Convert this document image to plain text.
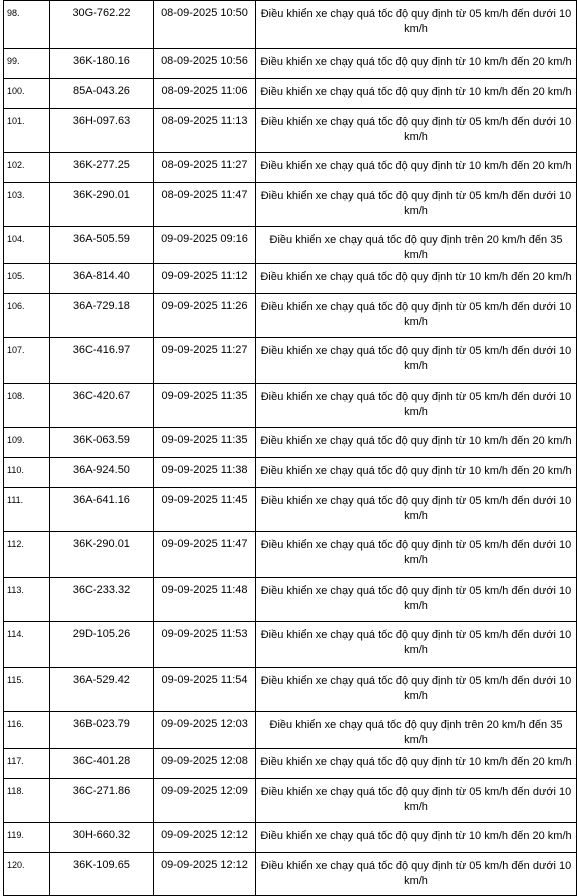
98.	30G-762.22	08-09-2025 10:50	Điều khiển xe chạy quá tốc độ quy định từ 05 km/h đến dưới 10 km/h
99.	36K-180.16	08-09-2025 10:56	Điều khiển xe chạy quá tốc độ quy định từ 10 km/h đến 20 km/h
100.	85A-043.26	08-09-2025 11:06	Điều khiển xe chạy quá tốc độ quy định từ 10 km/h đến 20 km/h
101.	36H-097.63	08-09-2025 11:13	Điều khiển xe chạy quá tốc độ quy định từ 05 km/h đến dưới 10 km/h
102.	36K-277.25	08-09-2025 11:27	Điều khiển xe chạy quá tốc độ quy định từ 10 km/h đến 20 km/h
103.	36K-290.01	08-09-2025 11:47	Điều khiển xe chạy quá tốc độ quy định từ 05 km/h đến dưới 10 km/h
104.	36A-505.59	09-09-2025 09:16	Điều khiển xe chạy quá tốc độ quy định trên 20 km/h đến 35 km/h
105.	36A-814.40	09-09-2025 11:12	Điều khiển xe chạy quá tốc độ quy định từ 10 km/h đến 20 km/h
106.	36A-729.18	09-09-2025 11:26	Điều khiển xe chạy quá tốc độ quy định từ 05 km/h đến dưới 10 km/h
107.	36C-416.97	09-09-2025 11:27	Điều khiển xe chạy quá tốc độ quy định từ 05 km/h đến dưới 10 km/h
108.	36C-420.67	09-09-2025 11:35	Điều khiển xe chạy quá tốc độ quy định từ 05 km/h đến dưới 10 km/h
109.	36K-063.59	09-09-2025 11:35	Điều khiển xe chạy quá tốc độ quy định từ 10 km/h đến 20 km/h
110.	36A-924.50	09-09-2025 11:38	Điều khiển xe chạy quá tốc độ quy định từ 10 km/h đến 20 km/h
111.	36A-641.16	09-09-2025 11:45	Điều khiển xe chạy quá tốc độ quy định từ 05 km/h đến dưới 10 km/h
112.	36K-290.01	09-09-2025 11:47	Điều khiển xe chạy quá tốc độ quy định từ 05 km/h đến dưới 10 km/h
113.	36C-233.32	09-09-2025 11:48	Điều khiển xe chạy quá tốc độ quy định từ 05 km/h đến dưới 10 km/h
114.	29D-105.26	09-09-2025 11:53	Điều khiển xe chạy quá tốc độ quy định từ 05 km/h đến dưới 10 km/h
115.	36A-529.42	09-09-2025 11:54	Điều khiển xe chạy quá tốc độ quy định từ 05 km/h đến dưới 10 km/h
116.	36B-023.79	09-09-2025 12:03	Điều khiển xe chạy quá tốc độ quy định trên 20 km/h đến 35 km/h
117.	36C-401.28	09-09-2025 12:08	Điều khiển xe chạy quá tốc độ quy định từ 10 km/h đến 20 km/h
118.	36C-271.86	09-09-2025 12:09	Điều khiển xe chạy quá tốc độ quy định từ 05 km/h đến dưới 10 km/h
119.	30H-660.32	09-09-2025 12:12	Điều khiển xe chạy quá tốc độ quy định từ 10 km/h đến 20 km/h
120.	36K-109.65	09-09-2025 12:12	Điều khiển xe chạy quá tốc độ quy định từ 05 km/h đến dưới 10 km/h
